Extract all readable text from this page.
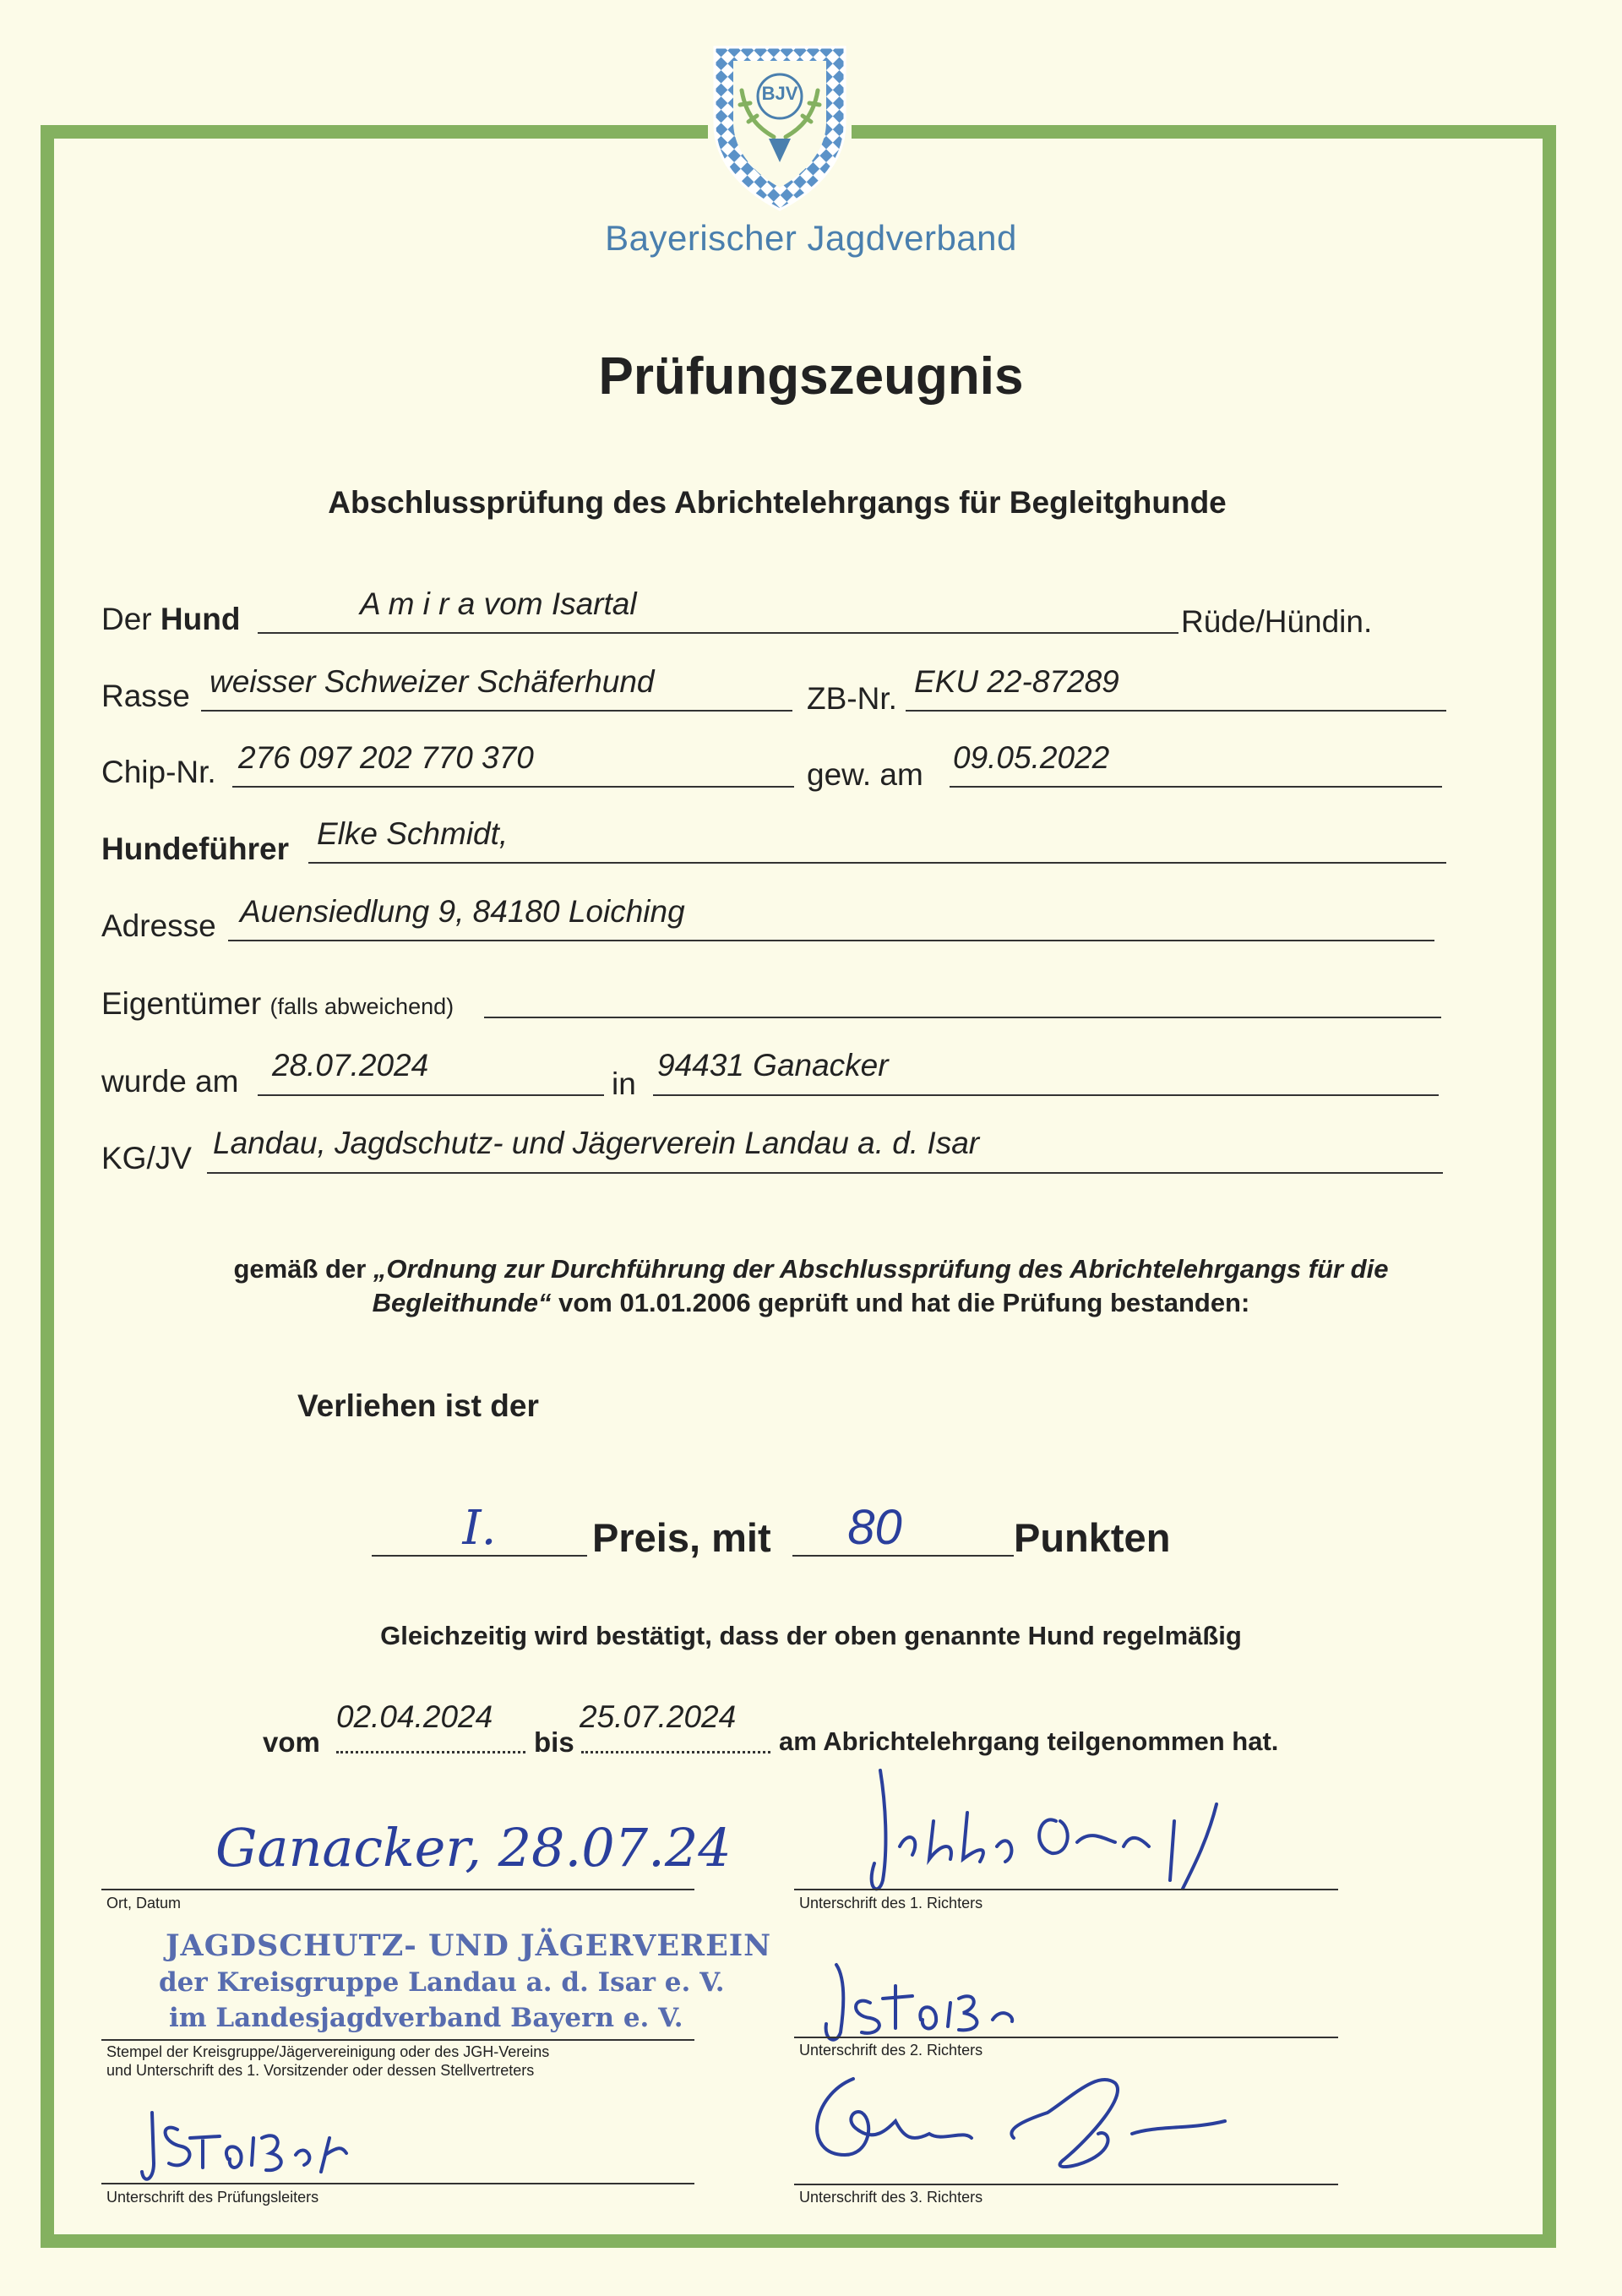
BJV
Bayerischer Jagdverband
Prüfungszeugnis
Abschlussprüfung des Abrichtelehrgangs für Begleitghunde
Der Hund	A m i r a vom Isartal
Rüde/Hündin.
Rasse weisser Schweizer Schäferhund	ZB-Nr. EKU 22-87289
Chip-Nr. 276 097 202 770 370	gew. am 09.05.2022
Hundeführer Elke Schmidt,
Adresse Auensiedlung 9, 84180 Loiching
Eigentümer (falls abweichend)
wurde am 28.07.2024
in
94431 Ganacker
KG/JV Landau, Jagdschutz- und Jägerverein Landau a. d. Isar
gemäß der „Ordnung zur Durchführung der Abschlussprüfung des Abrichtelehrgangs für die Begleithunde“ vom 01.01.2006 geprüft und hat die Prüfung bestanden:
Verliehen ist der
I.	Preis, mit	80	Punkten
Gleichzeitig wird bestätigt, dass der oben genannte Hund regelmäßig
vom
02.04.2024
bis
25.07.2024
am Abrichtelehrgang teilgenommen hat.
Ganacker, 28.07.24
Ort, Datum
JAGDSCHUTZ- UND JÄGERVEREIN
der Kreisgruppe Landau a. d. Isar e. V.
im Landesjagdverband Bayern e. V.
Stempel der Kreisgruppe/Jägervereinigung oder des JGH-Vereins
und Unterschrift des 1. Vorsitzender oder dessen Stellvertreters
Unterschrift des Prüfungsleiters
Unterschrift des 1. Richters
Unterschrift des 2. Richters
Unterschrift des 3. Richters
